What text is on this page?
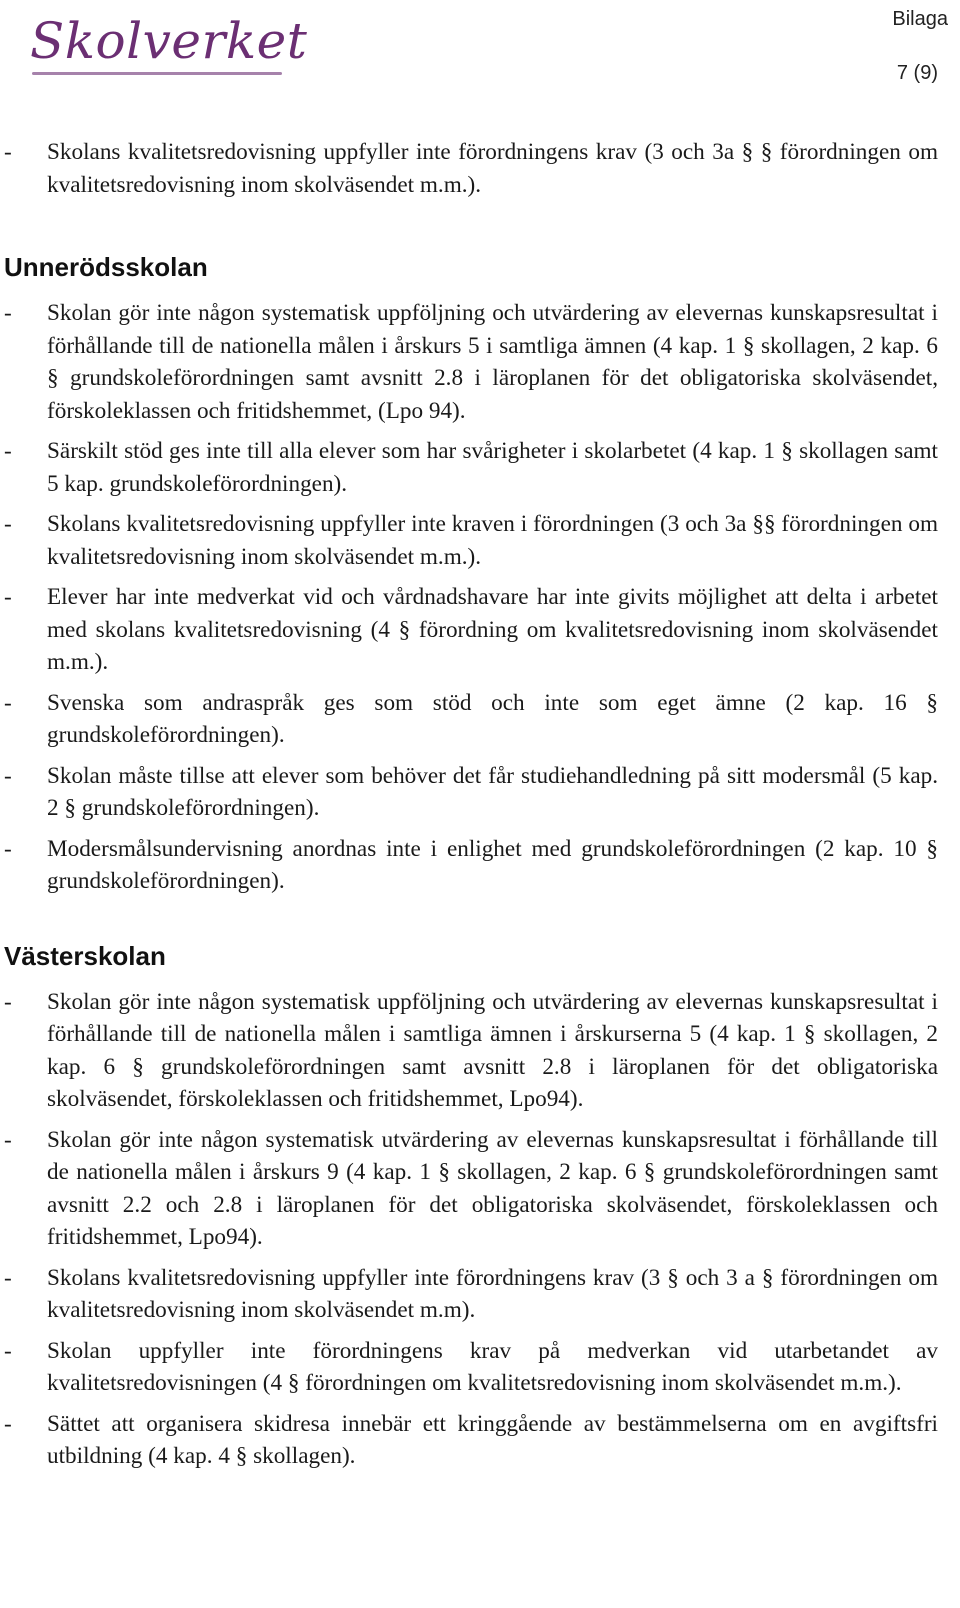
Skolverket	Bilaga
7 (9)
- Skolans kvalitetsredovisning uppfyller inte förordningens krav (3 och 3a § § förordningen om kvalitetsredovisning inom skolväsendet m.m.).
Unnerödsskolan
- Skolan gör inte någon systematisk uppföljning och utvärdering av elevernas kunskapsresultat i förhållande till de nationella målen i årskurs 5 i samtliga ämnen (4 kap. 1 § skollagen, 2 kap. 6 § grundskoleförordningen samt avsnitt 2.8 i läroplanen för det obligatoriska skolväsendet, förskoleklassen och fritidshemmet, (Lpo 94).
- Särskilt stöd ges inte till alla elever som har svårigheter i skolarbetet (4 kap. 1 § skollagen samt 5 kap. grundskoleförordningen).
- Skolans kvalitetsredovisning uppfyller inte kraven i förordningen (3 och 3a §§ förordningen om kvalitetsredovisning inom skolväsendet m.m.).
- Elever har inte medverkat vid och vårdnadshavare har inte givits möjlighet att delta i arbetet med skolans kvalitetsredovisning (4 § förordning om kvalitetsredovisning inom skolväsendet m.m.).
- Svenska som andraspråk ges som stöd och inte som eget ämne (2 kap. 16 § grundskoleförordningen).
- Skolan måste tillse att elever som behöver det får studiehandledning på sitt modersmål (5 kap. 2 § grundskoleförordningen).
- Modersmålsundervisning anordnas inte i enlighet med grundskoleförordningen (2 kap. 10 § grundskoleförordningen).
Västerskolan
- Skolan gör inte någon systematisk uppföljning och utvärdering av elevernas kunskapsresultat i förhållande till de nationella målen i samtliga ämnen i årskurserna 5 (4 kap. 1 § skollagen, 2 kap. 6 § grundskoleförordningen samt avsnitt 2.8 i läroplanen för det obligatoriska skolväsendet, förskoleklassen och fritidshemmet, Lpo94).
- Skolan gör inte någon systematisk utvärdering av elevernas kunskapsresultat i förhållande till de nationella målen i årskurs 9 (4 kap. 1 § skollagen, 2 kap. 6 § grundskoleförordningen samt avsnitt 2.2 och 2.8 i läroplanen för det obligatoriska skolväsendet, förskoleklassen och fritidshemmet, Lpo94).
- Skolans kvalitetsredovisning uppfyller inte förordningens krav (3 § och 3 a § förordningen om kvalitetsredovisning inom skolväsendet m.m).
- Skolan uppfyller inte förordningens krav på medverkan vid utarbetandet av kvalitetsredovisningen (4 § förordningen om kvalitetsredovisning inom skolväsendet m.m.).
- Sättet att organisera skidresa innebär ett kringgående av bestämmelserna om en avgiftsfri utbildning (4 kap. 4 § skollagen).
